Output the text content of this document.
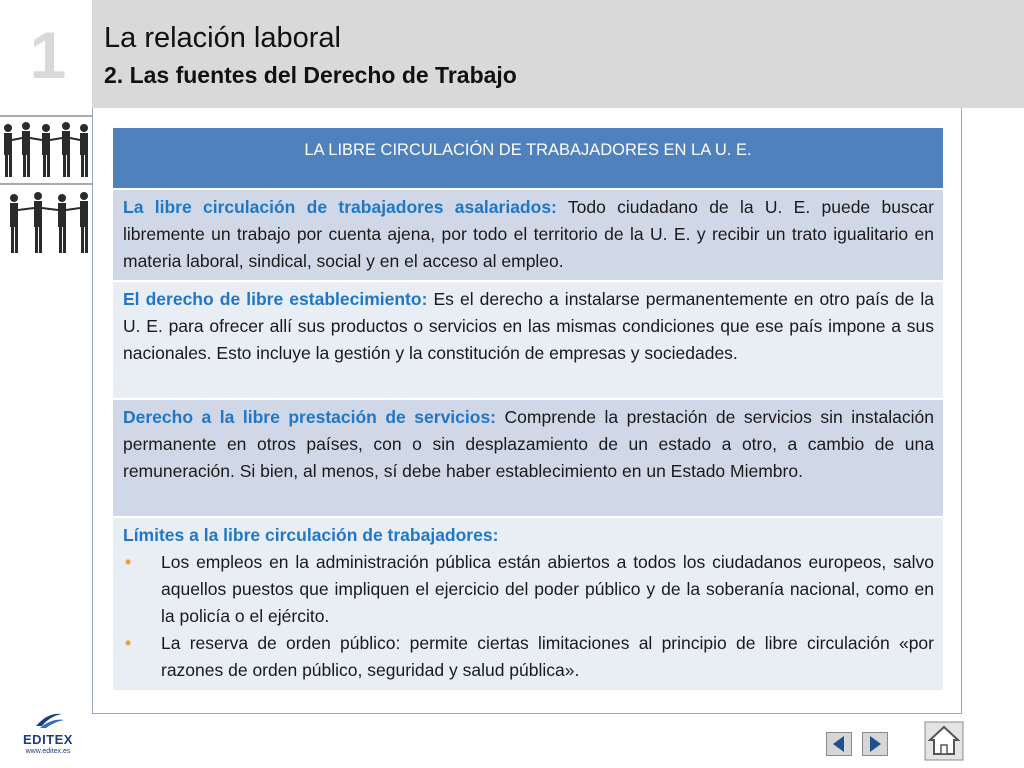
1	La relación laboral
2. Las fuentes del Derecho de Trabajo
LA LIBRE CIRCULACIÓN DE TRABAJADORES EN LA U. E.
La libre circulación de trabajadores asalariados: Todo ciudadano de la U. E. puede buscar libremente un trabajo por cuenta ajena, por todo el territorio de la U. E. y recibir un trato igualitario en materia laboral, sindical, social y en el acceso al empleo.
El derecho de libre establecimiento: Es el derecho a instalarse permanentemente en otro país de la U. E. para ofrecer allí sus productos o servicios en las mismas condiciones que ese país impone a sus nacionales. Esto incluye la gestión y la constitución de empresas y sociedades.
Derecho a la libre prestación de servicios: Comprende la prestación de servicios sin instalación permanente en otros países, con o sin desplazamiento de un estado a otro, a cambio de una remuneración. Si bien, al menos, sí debe haber establecimiento en un Estado Miembro.
Límites a la libre circulación de trabajadores:
• Los empleos en la administración pública están abiertos a todos los ciudadanos europeos, salvo aquellos puestos que impliquen el ejercicio del poder público y de la soberanía nacional, como en la policía o el ejército.
• La reserva de orden público: permite ciertas limitaciones al principio de libre circulación «por razones de orden público, seguridad y salud pública».
EDITEX
www.editex.es
